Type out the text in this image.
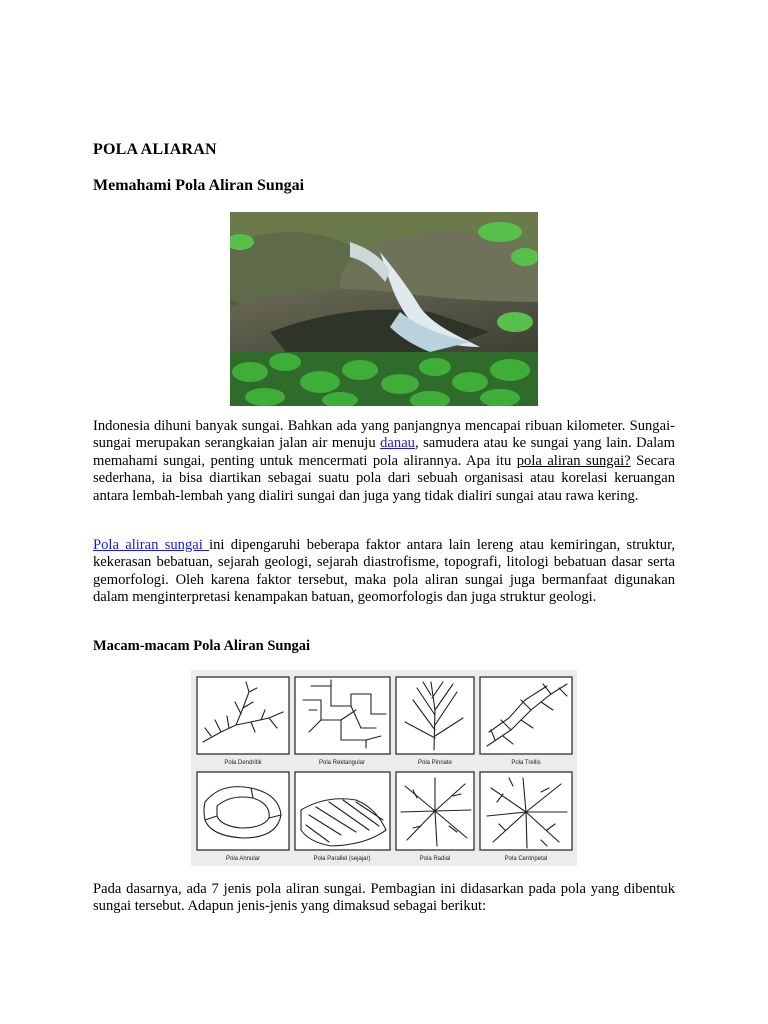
POLA ALIARAN
Memahami Pola Aliran Sungai

Indonesia dihuni banyak sungai. Bahkan ada yang panjangnya mencapai ribuan kilometer. Sungai-sungai merupakan serangkaian jalan air menuju danau, samudera atau ke sungai yang lain. Dalam memahami sungai, penting untuk mencermati pola alirannya. Apa itu pola aliran sungai? Secara sederhana, ia bisa diartikan sebagai suatu pola dari sebuah organisasi atau korelasi keruangan antara lembah-lembah yang dialiri sungai dan juga yang tidak dialiri sungai atau rawa kering.

Pola aliran sungai ini dipengaruhi beberapa faktor antara lain lereng atau kemiringan, struktur, kekerasan bebatuan, sejarah geologi, sejarah diastrofisme, topografi, litologi bebatuan dasar serta gemorfologi. Oleh karena faktor tersebut, maka pola aliran sungai juga bermanfaat digunakan dalam menginterpretasi kenampakan batuan, geomorfologis dan juga struktur geologi.

Macam-macam Pola Aliran Sungai
Pola Dendritik	Pola Rektangular	Pola Pinnate	Pola Trellis
Pola Annular	Pola Parallel (sejajar)	Pola Radial	Pola Centripetal

Pada dasarnya, ada 7 jenis pola aliran sungai. Pembagian ini didasarkan pada pola yang dibentuk sungai tersebut. Adapun jenis-jenis yang dimaksud sebagai berikut:
